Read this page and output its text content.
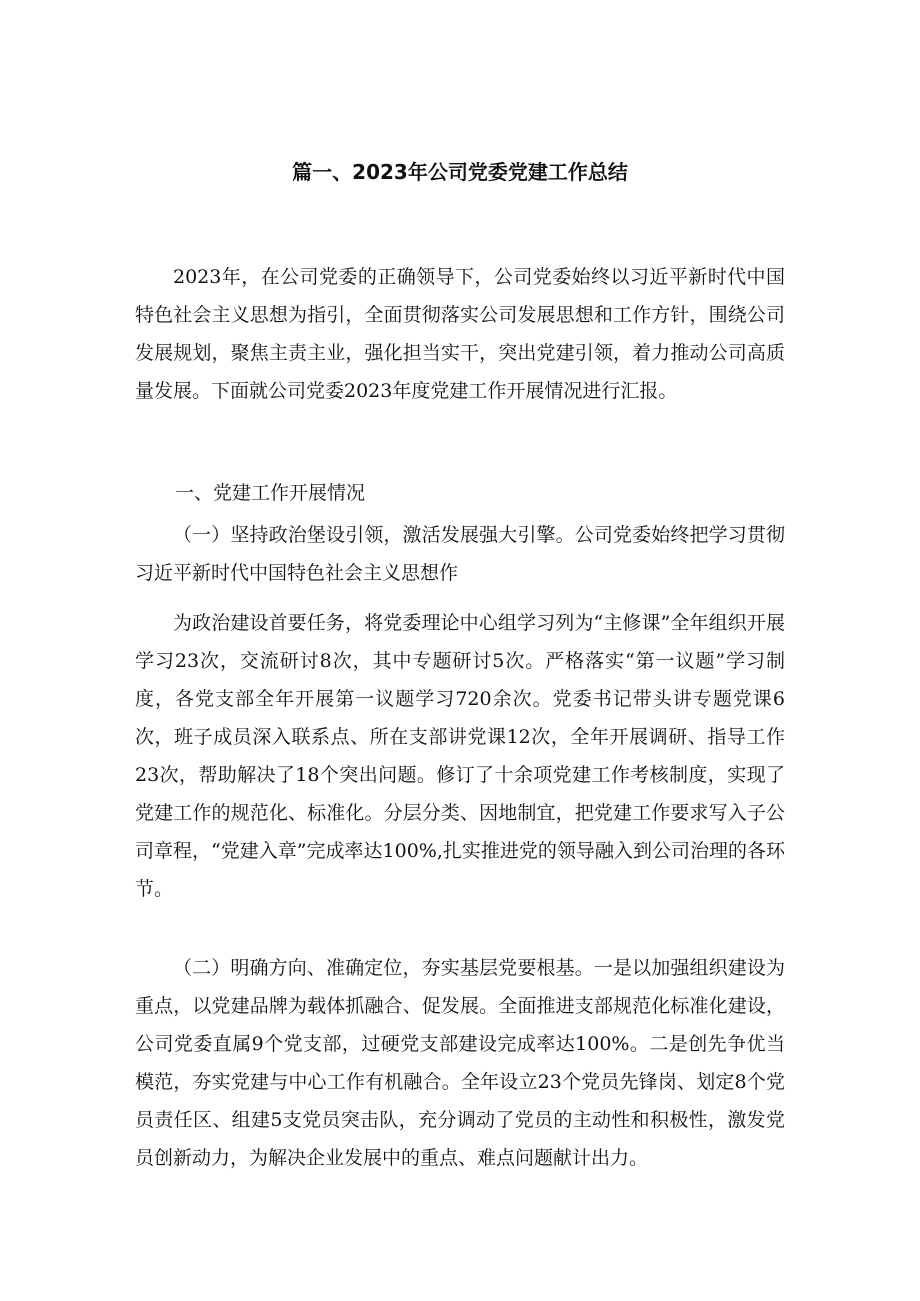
篇一、2023年公司党委党建工作总结

2023年，在公司党委的正确领导下，公司党委始终以习近平新时代中国特色社会主义思想为指引，全面贯彻落实公司发展思想和工作方针，围绕公司发展规划，聚焦主责主业，强化担当实干，突出党建引领，着力推动公司高质量发展。下面就公司党委2023年度党建工作开展情况进行汇报。

一、党建工作开展情况

（一）坚持政治堡设引领，激活发展强大引擎。公司党委始终把学习贯彻习近平新时代中国特色社会主义思想作

为政治建设首要任务，将党委理论中心组学习列为“主修课”全年组织开展学习23次，交流研讨8次，其中专题研讨5次。严格落实“第一议题”学习制度，各党支部全年开展第一议题学习720余次。党委书记带头讲专题党课6次，班子成员深入联系点、所在支部讲党课12次，全年开展调研、指导工作23次，帮助解决了18个突出问题。修订了十余项党建工作考核制度，实现了党建工作的规范化、标准化。分层分类、因地制宜，把党建工作要求写入子公司章程，“党建入章”完成率达100%,扎实推进党的领导融入到公司治理的各环节。

（二）明确方向、准确定位，夯实基层党要根基。一是以加强组织建设为重点，以党建品牌为载体抓融合、促发展。全面推进支部规范化标准化建设，公司党委直属9个党支部，过硬党支部建设完成率达100%。二是创先争优当模范，夯实党建与中心工作有机融合。全年设立23个党员先锋岗、划定8个党员责任区、组建5支党员突击队，充分调动了党员的主动性和积极性，激发党员创新动力，为解决企业发展中的重点、难点问题献计出力。
